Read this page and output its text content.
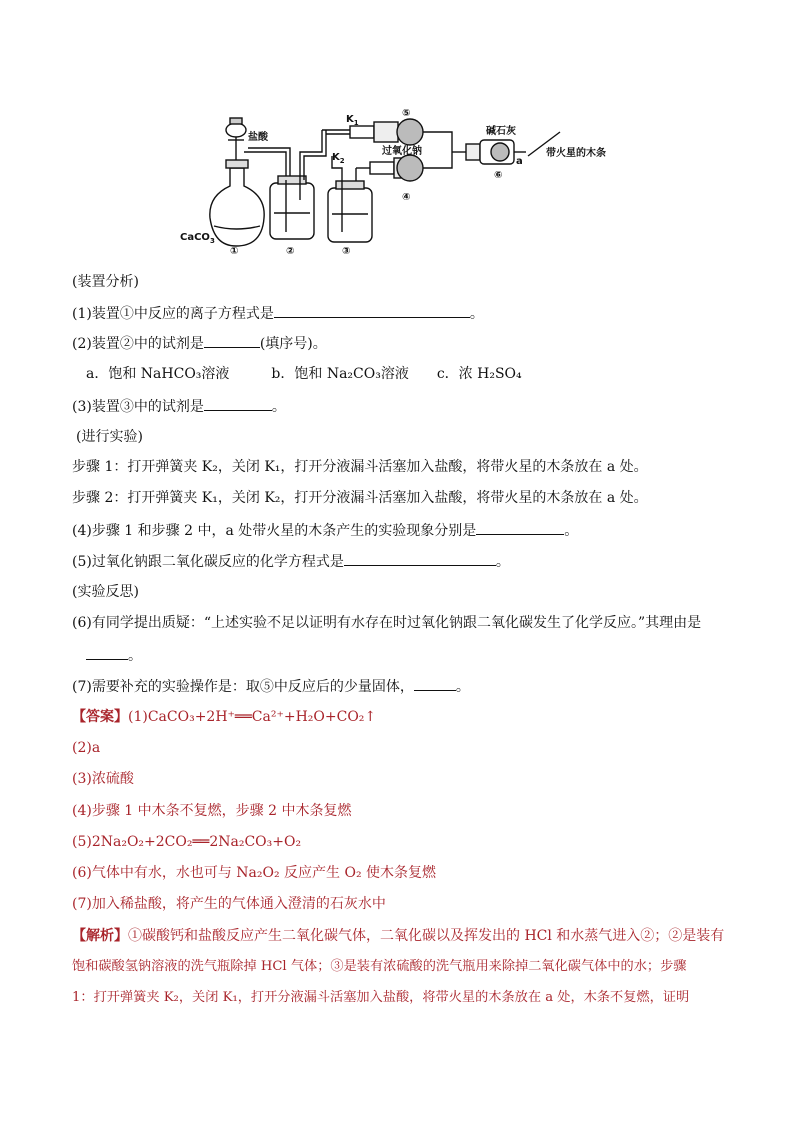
盐酸
CaCO$_3$
①	②	③
$K_1$
$K_2$
⑤
过氧化钠
④
碱石灰
⑥
a
带火星的木条
(装置分析)
(1)装置①中反应的离子方程式是	。
(2)装置②中的试剂是	(填序号)。
a．饱和 NaHCO₃溶液　　　b．饱和 Na₂CO₃溶液　　c．浓 H₂SO₄
(3)装置③中的试剂是	。
(进行实验)
步骤 1：打开弹簧夹 K₂，关闭 K₁，打开分液漏斗活塞加入盐酸，将带火星的木条放在 a 处。
步骤 2：打开弹簧夹 K₁，关闭 K₂，打开分液漏斗活塞加入盐酸，将带火星的木条放在 a 处。
(4)步骤 1 和步骤 2 中，a 处带火星的木条产生的实验现象分别是	。
(5)过氧化钠跟二氧化碳反应的化学方程式是	。
(实验反思)
(6)有同学提出质疑：“上述实验不足以证明有水存在时过氧化钠跟二氧化碳发生了化学反应。”其理由是
。
(7)需要补充的实验操作是：取⑤中反应后的少量固体，	。
【答案】(1)CaCO₃+2H⁺══Ca²⁺+H₂O+CO₂↑
(2)a
(3)浓硫酸
(4)步骤 1 中木条不复燃，步骤 2 中木条复燃
(5)2Na₂O₂+2CO₂══2Na₂CO₃+O₂
(6)气体中有水，水也可与 Na₂O₂ 反应产生 O₂ 使木条复燃
(7)加入稀盐酸，将产生的气体通入澄清的石灰水中
【解析】①碳酸钙和盐酸反应产生二氧化碳气体，二氧化碳以及挥发出的 HCl 和水蒸气进入②；②是装有
饱和碳酸氢钠溶液的洗气瓶除掉 HCl 气体；③是装有浓硫酸的洗气瓶用来除掉二氧化碳气体中的水；步骤
1：打开弹簧夹 K₂，关闭 K₁，打开分液漏斗活塞加入盐酸，将带火星的木条放在 a 处，木条不复燃，证明
